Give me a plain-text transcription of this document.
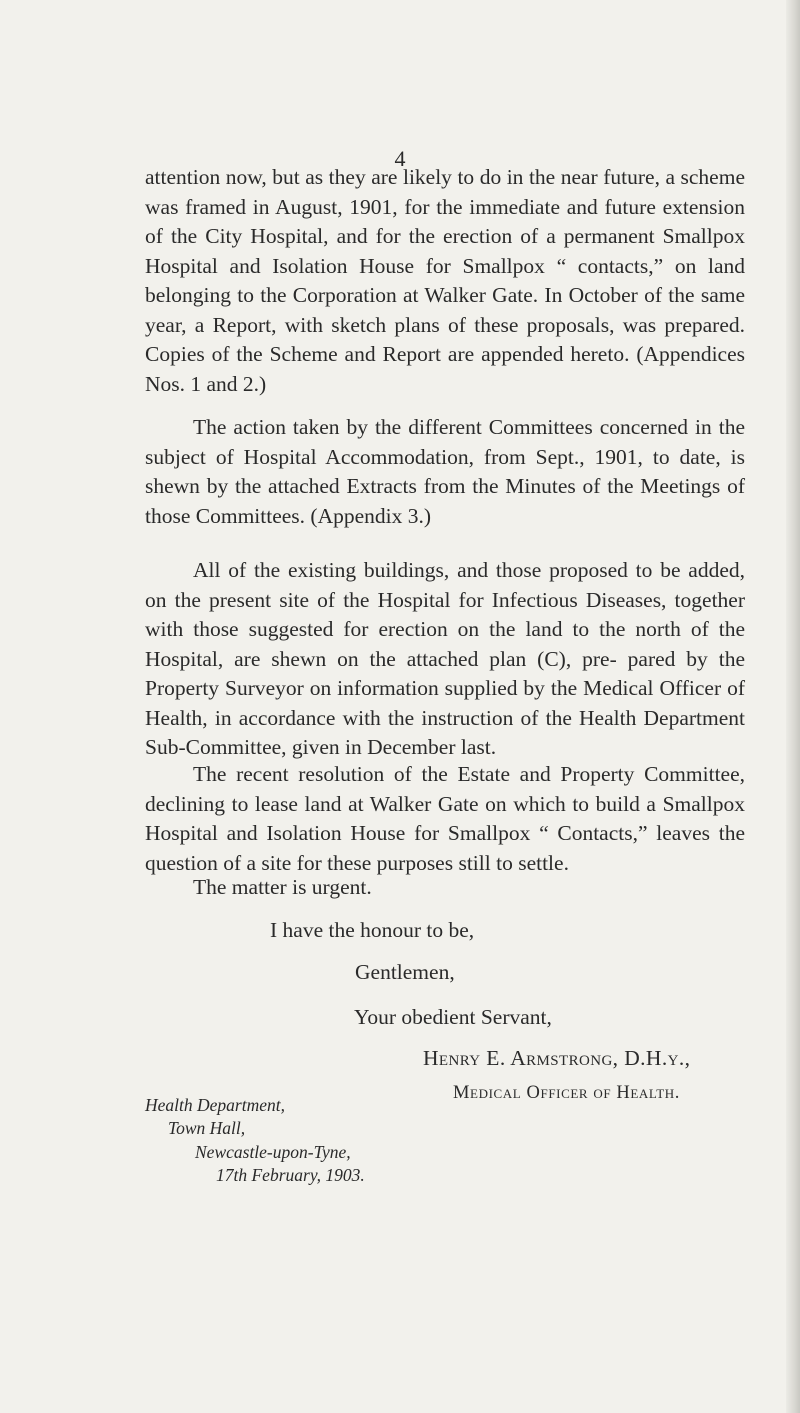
4

attention now, but as they are likely to do in the near future, a scheme was framed in August, 1901, for the immediate and future extension of the City Hospital, and for the erection of a permanent Smallpox Hospital and Isolation House for Smallpox “ contacts,” on land belonging to the Corporation at Walker Gate. In October of the same year, a Report, with sketch plans of these proposals, was prepared. Copies of the Scheme and Report are appended hereto. (Appendices Nos. 1 and 2.)

The action taken by the different Committees concerned in the subject of Hospital Accommodation, from Sept., 1901, to date, is shewn by the attached Extracts from the Minutes of the Meetings of those Committees. (Appendix 3.)

All of the existing buildings, and those proposed to be added, on the present site of the Hospital for Infectious Diseases, together with those suggested for erection on the land to the north of the Hospital, are shewn on the attached plan (C), pre- pared by the Property Surveyor on information supplied by the Medical Officer of Health, in accordance with the instruction of the Health Department Sub-Committee, given in December last.

The recent resolution of the Estate and Property Committee, declining to lease land at Walker Gate on which to build a Smallpox Hospital and Isolation House for Smallpox “ Contacts,” leaves the question of a site for these purposes still to settle.

The matter is urgent.

I have the honour to be,
Gentlemen,
Your obedient Servant,
Henry E. Armstrong, D.H.y.,
Medical Officer of Health.
Health Department,
Town Hall,
Newcastle-upon-Tyne,
17th February, 1903.
